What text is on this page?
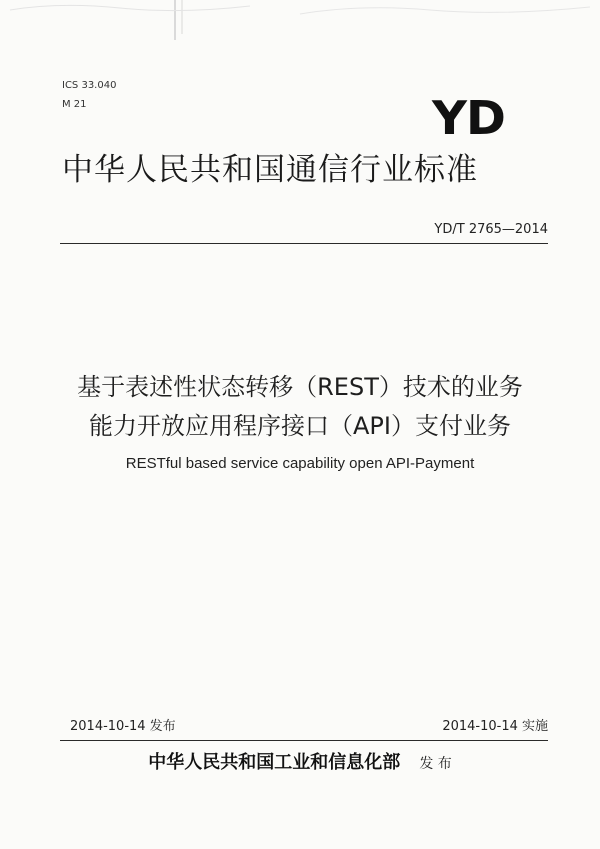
ICS 33.040
M 21	YD
中华人民共和国通信行业标准
YD/T 2765—2014
基于表述性状态转移（REST）技术的业务
能力开放应用程序接口（API）支付业务
RESTful based service capability open API-Payment
2014-10-14 发布	2014-10-14 实施
中华人民共和国工业和信息化部 发 布
